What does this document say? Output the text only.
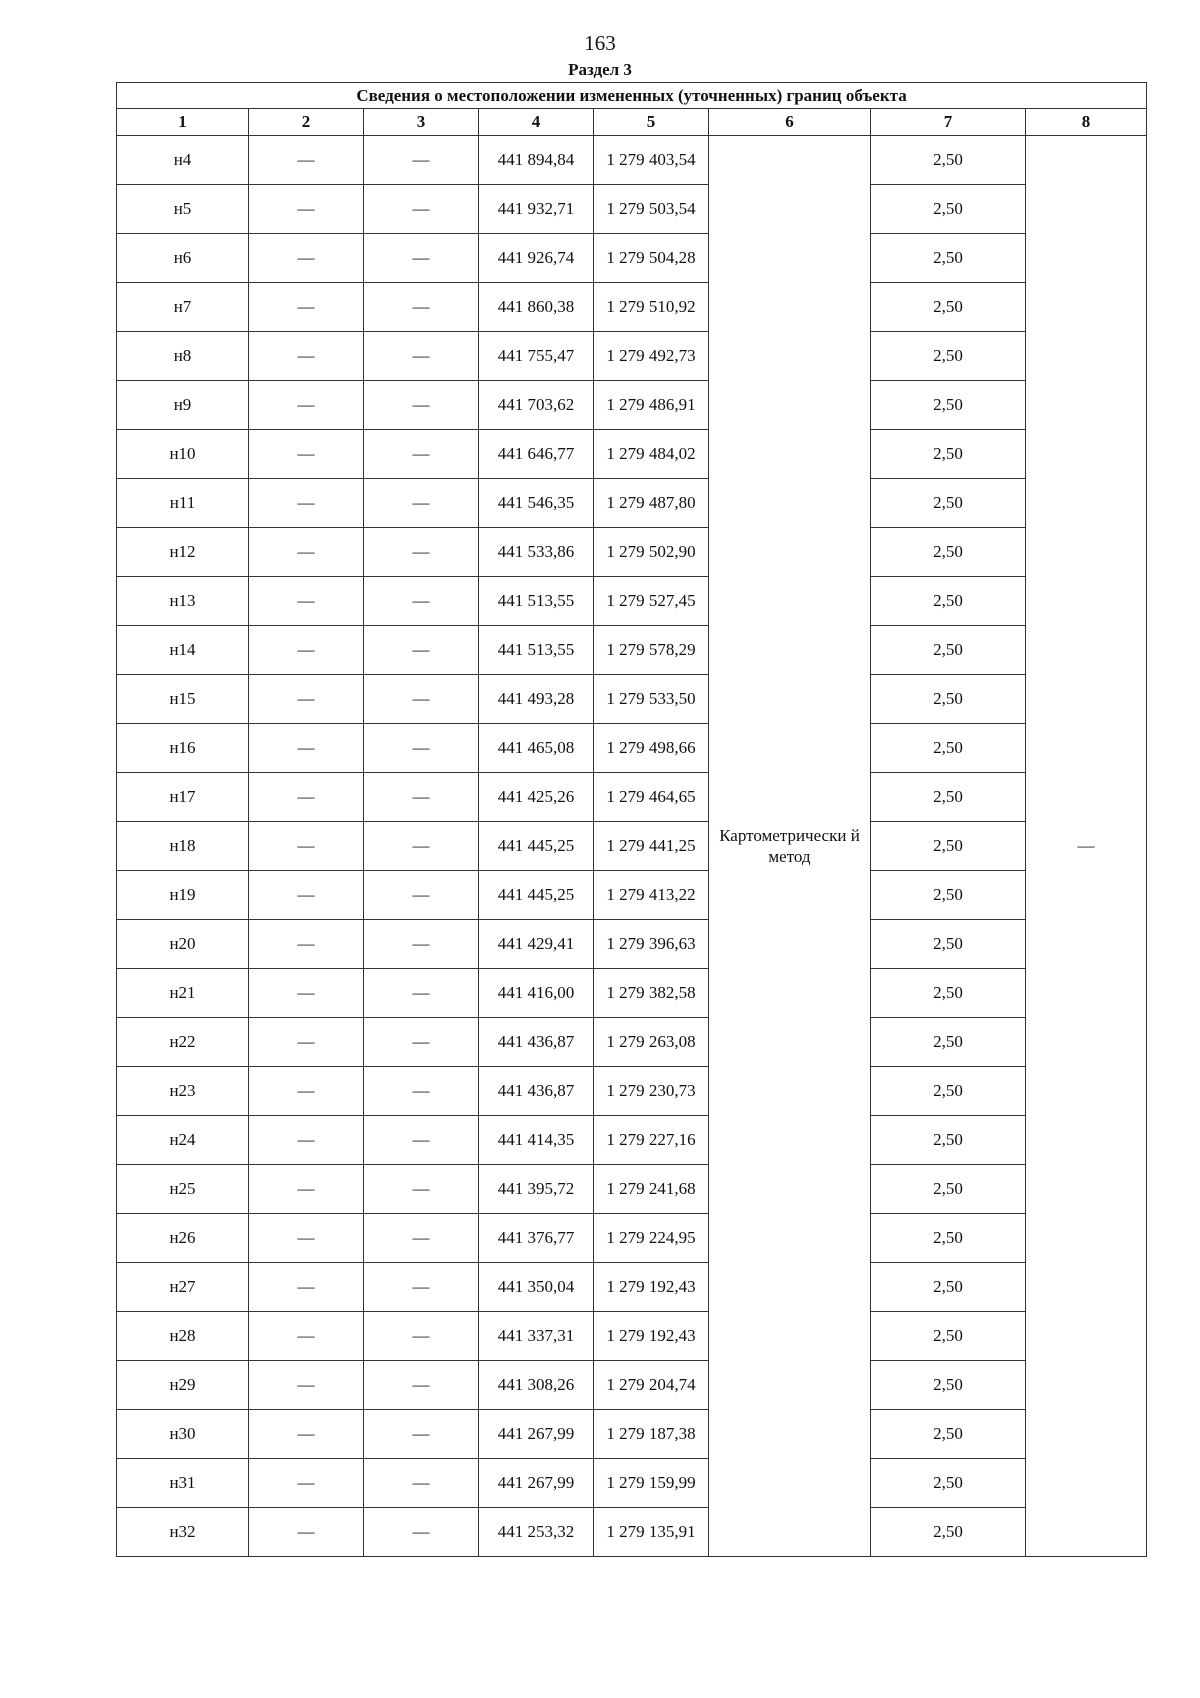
163
Раздел 3
Сведения о местоположении измененных (уточненных) границ объекта							
1	2	3	4	5	6	7	8
н4	—	—	441 894,84	1 279 403,54	Картометрически й метод	2,50	—
н5	—	—	441 932,71	1 279 503,54		2,50	
н6	—	—	441 926,74	1 279 504,28		2,50	
н7	—	—	441 860,38	1 279 510,92		2,50	
н8	—	—	441 755,47	1 279 492,73		2,50	
н9	—	—	441 703,62	1 279 486,91		2,50	
н10	—	—	441 646,77	1 279 484,02		2,50	
н11	—	—	441 546,35	1 279 487,80		2,50	
н12	—	—	441 533,86	1 279 502,90		2,50	
н13	—	—	441 513,55	1 279 527,45		2,50	
н14	—	—	441 513,55	1 279 578,29		2,50	
н15	—	—	441 493,28	1 279 533,50		2,50	
н16	—	—	441 465,08	1 279 498,66		2,50	
н17	—	—	441 425,26	1 279 464,65		2,50	
н18	—	—	441 445,25	1 279 441,25		2,50	
н19	—	—	441 445,25	1 279 413,22		2,50	
н20	—	—	441 429,41	1 279 396,63		2,50	
н21	—	—	441 416,00	1 279 382,58		2,50	
н22	—	—	441 436,87	1 279 263,08		2,50	
н23	—	—	441 436,87	1 279 230,73		2,50	
н24	—	—	441 414,35	1 279 227,16		2,50	
н25	—	—	441 395,72	1 279 241,68		2,50	
н26	—	—	441 376,77	1 279 224,95		2,50	
н27	—	—	441 350,04	1 279 192,43		2,50	
н28	—	—	441 337,31	1 279 192,43		2,50	
н29	—	—	441 308,26	1 279 204,74		2,50	
н30	—	—	441 267,99	1 279 187,38		2,50	
н31	—	—	441 267,99	1 279 159,99		2,50	
н32	—	—	441 253,32	1 279 135,91		2,50	
